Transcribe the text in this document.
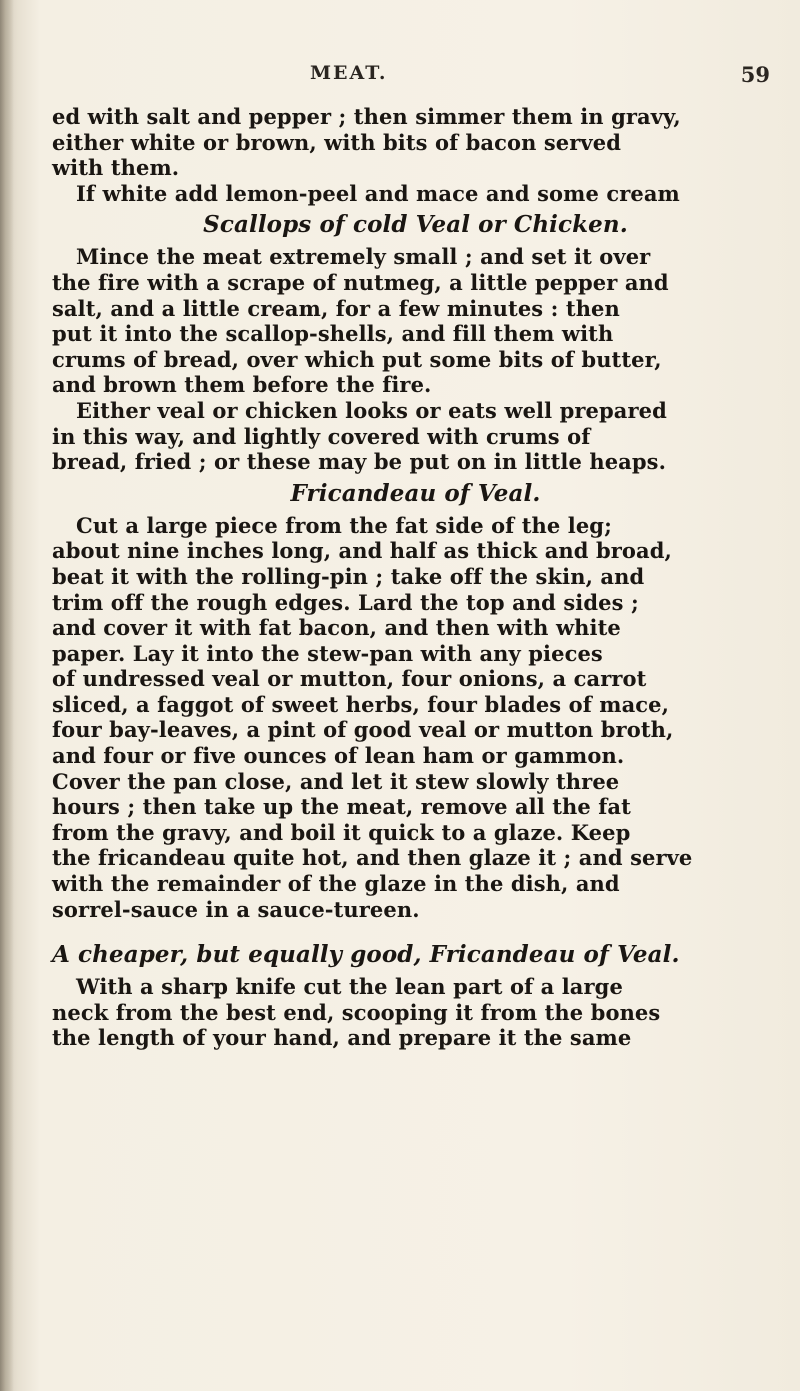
MEAT.	59
ed with salt and pepper ; then simmer them in gravy,
either white or brown, with bits of bacon served
with them.
If white add lemon-peel and mace and some cream
Scallops of cold Veal or Chicken.
Mince the meat extremely small ; and set it over
the fire with a scrape of nutmeg, a little pepper and
salt, and a little cream, for a few minutes : then
put it into the scallop-shells, and fill them with
crums of bread, over which put some bits of butter,
and brown them before the fire.
Either veal or chicken looks or eats well prepared
in this way, and lightly covered with crums of
bread, fried ; or these may be put on in little heaps.
Fricandeau of Veal.
Cut a large piece from the fat side of the leg;
about nine inches long, and half as thick and broad,
beat it with the rolling-pin ; take off the skin, and
trim off the rough edges. Lard the top and sides ;
and cover it with fat bacon, and then with white
paper. Lay it into the stew-pan with any pieces
of undressed veal or mutton, four onions, a carrot
sliced, a faggot of sweet herbs, four blades of mace,
four bay-leaves, a pint of good veal or mutton broth,
and four or five ounces of lean ham or gammon.
Cover the pan close, and let it stew slowly three
hours ; then take up the meat, remove all the fat
from the gravy, and boil it quick to a glaze. Keep
the fricandeau quite hot, and then glaze it ; and serve
with the remainder of the glaze in the dish, and
sorrel-sauce in a sauce-tureen.
A cheaper, but equally good, Fricandeau of Veal.
With a sharp knife cut the lean part of a large
neck from the best end, scooping it from the bones
the length of your hand, and prepare it the same
